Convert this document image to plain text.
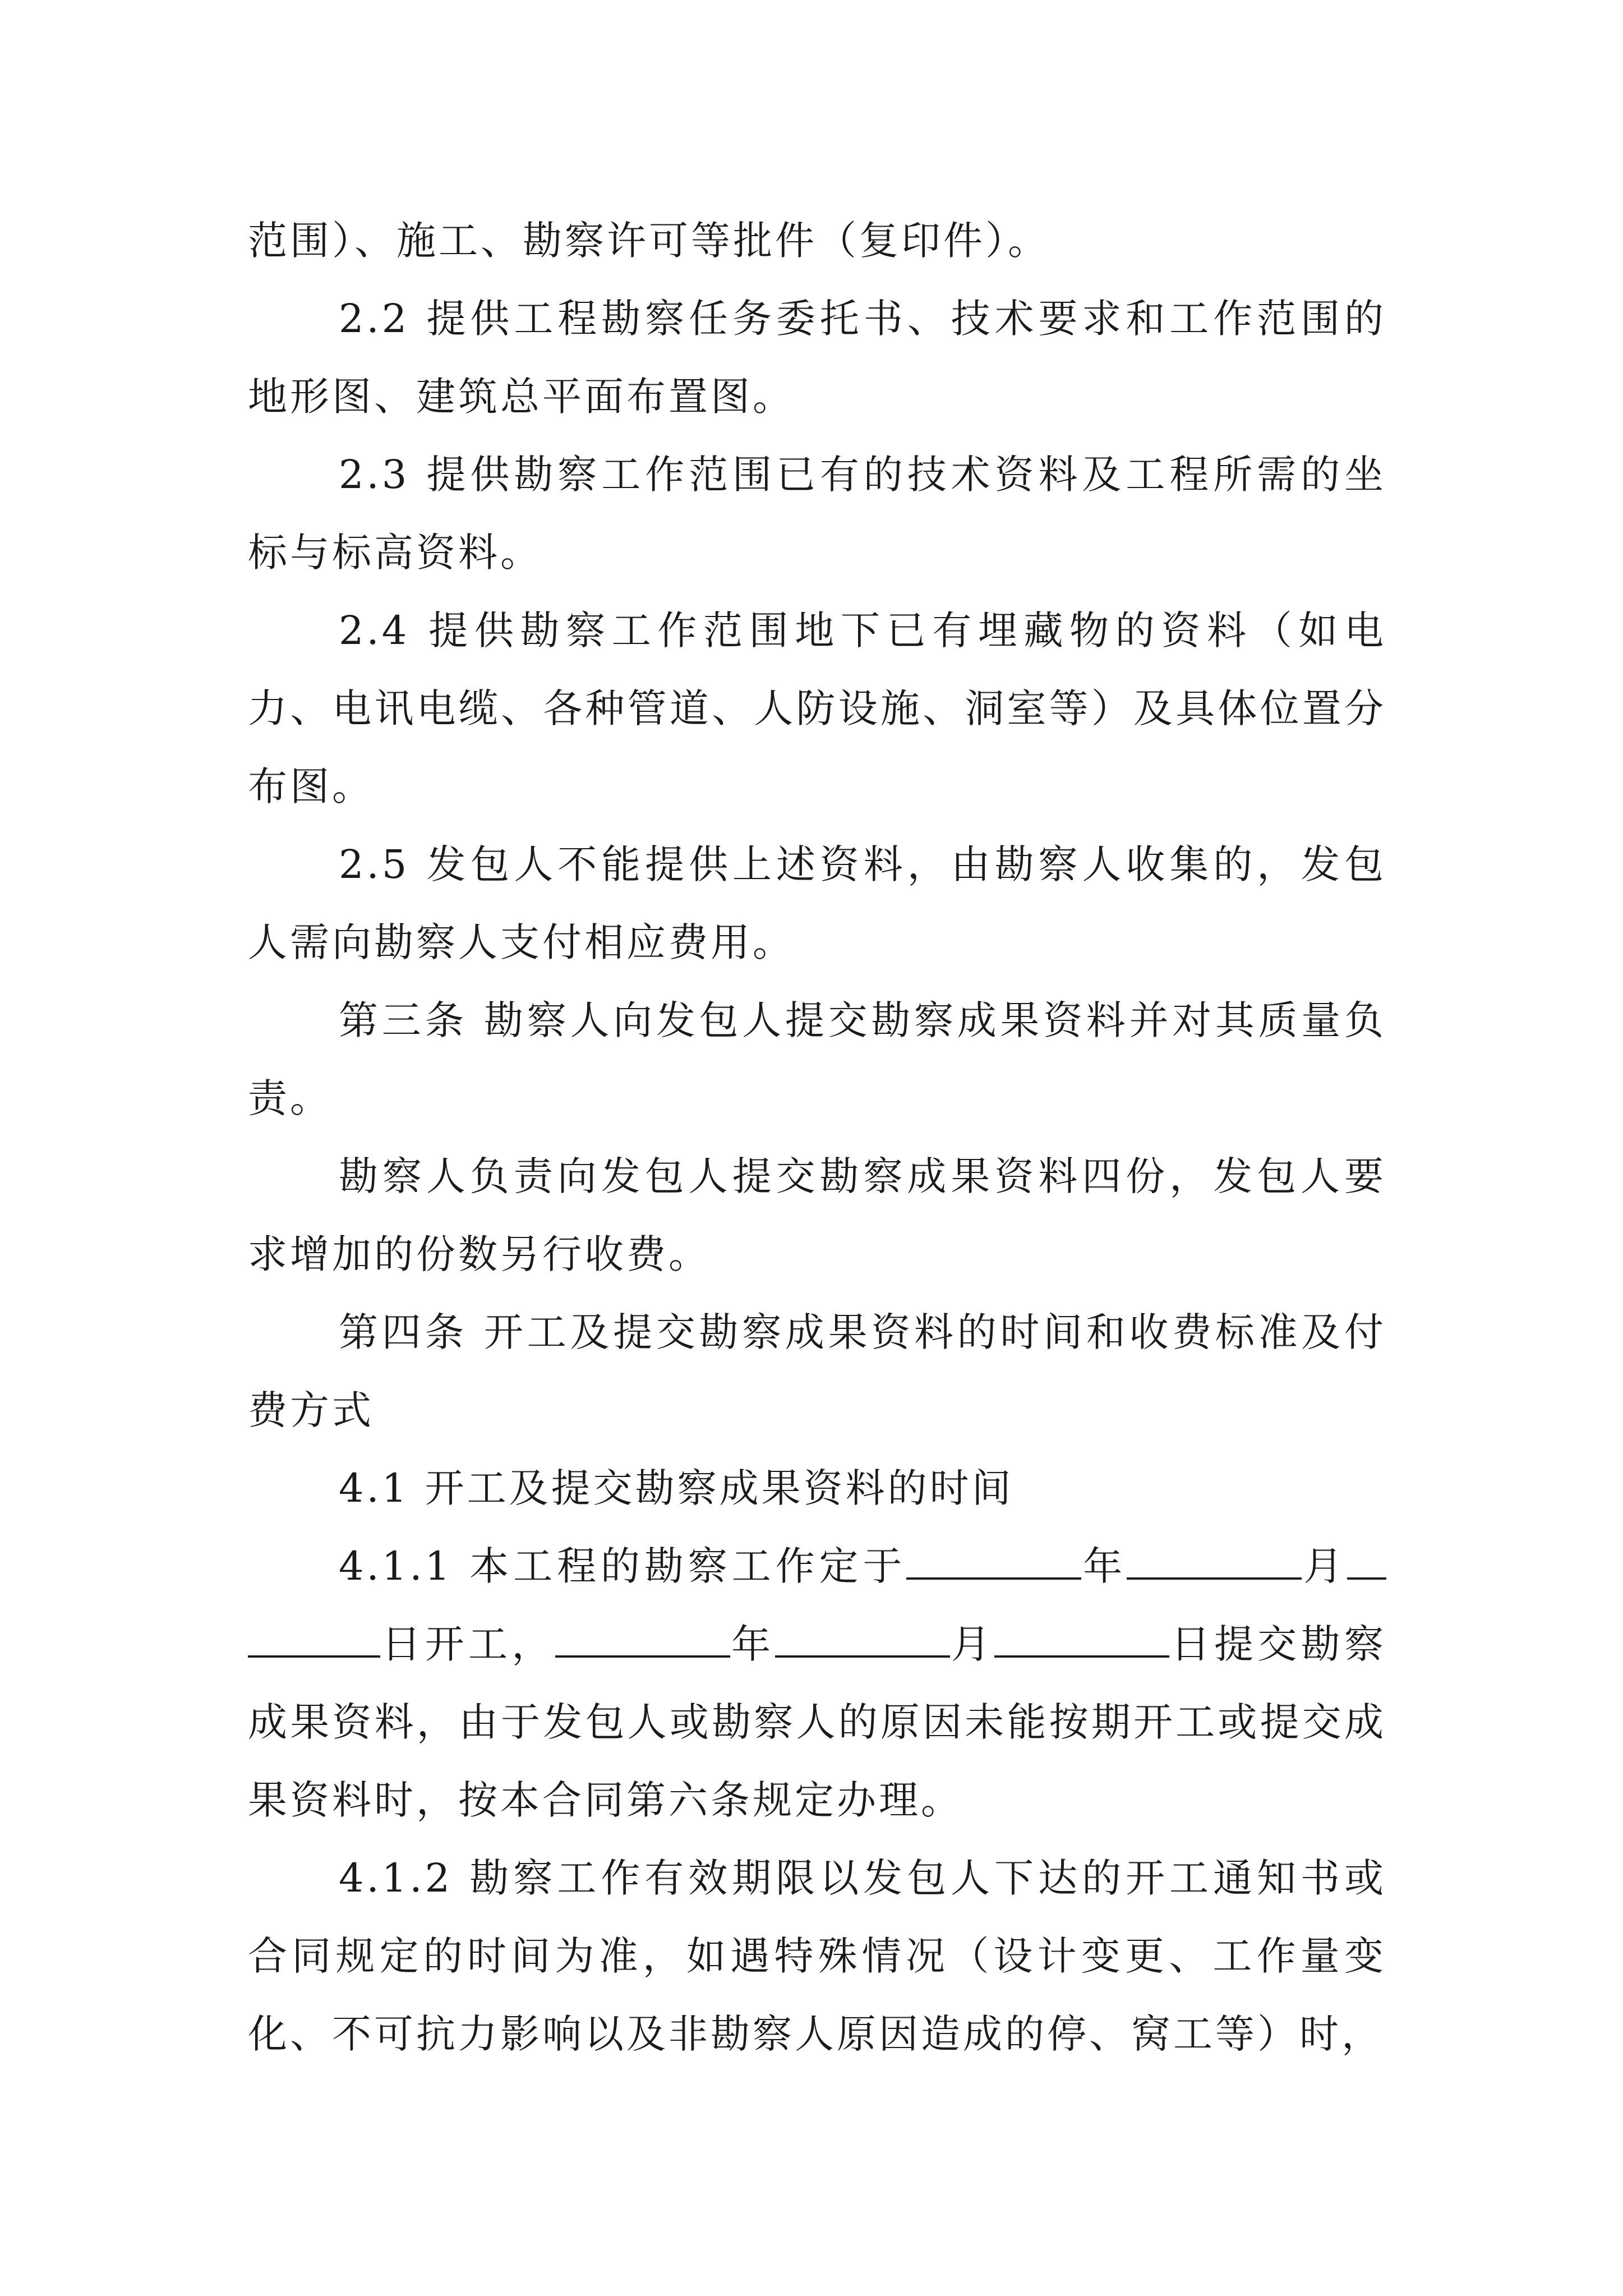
范围）、施工、勘察许可等批件（复印件）。

2.2 提供工程勘察任务委托书、技术要求和工作范围的地形图、建筑总平面布置图。

2.3 提供勘察工作范围已有的技术资料及工程所需的坐标与标高资料。

2.4 提供勘察工作范围地下已有埋藏物的资料（如电力、电讯电缆、各种管道、人防设施、洞室等）及具体位置分布图。

2.5 发包人不能提供上述资料，由勘察人收集的，发包人需向勘察人支付相应费用。

第三条 勘察人向发包人提交勘察成果资料并对其质量负责。

勘察人负责向发包人提交勘察成果资料四份，发包人要求增加的份数另行收费。

第四条 开工及提交勘察成果资料的时间和收费标准及付费方式

4.1 开工及提交勘察成果资料的时间

4.1.1 本工程的勘察工作定于	年	月日开工，	年	月	日提交勘察成果资料，由于发包人或勘察人的原因未能按期开工或提交成果资料时，按本合同第六条规定办理。

4.1.2 勘察工作有效期限以发包人下达的开工通知书或合同规定的时间为准，如遇特殊情况（设计变更、工作量变化、不可抗力影响以及非勘察人原因造成的停、窝工等）时，
